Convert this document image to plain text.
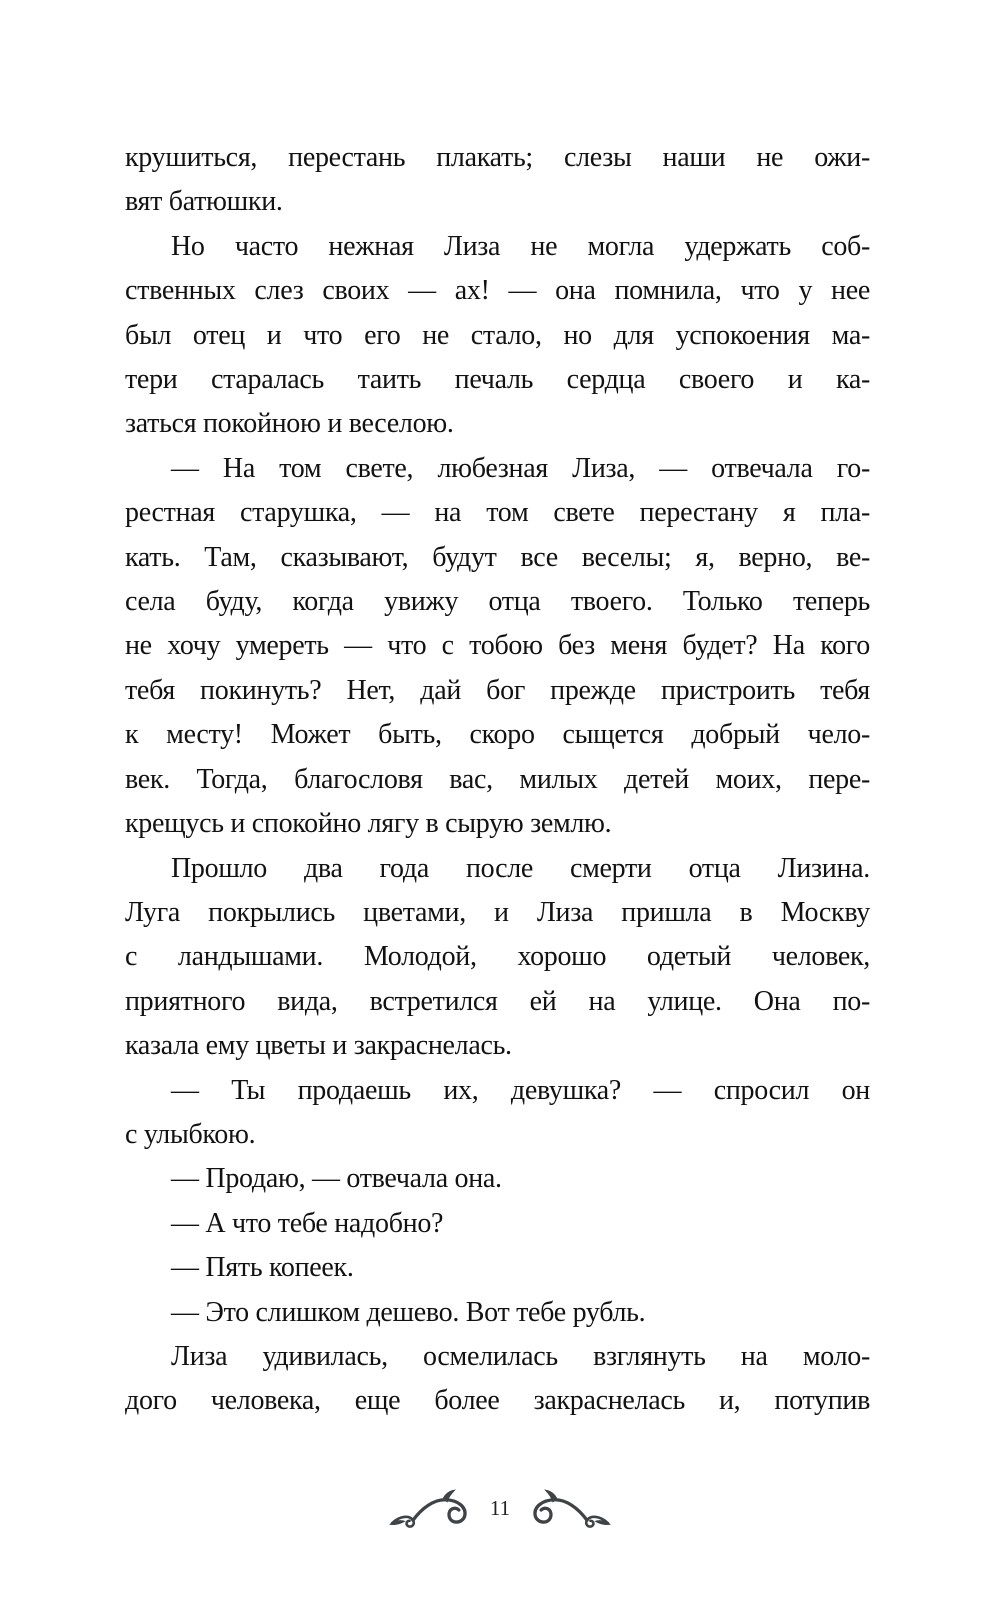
крушиться, перестань плакать; слезы наши не ожи-
вят батюшки.
Но часто нежная Лиза не могла удержать соб-
ственных слез своих — ах! — она помнила, что у нее
был отец и что его не стало, но для успокоения ма-
тери старалась таить печаль сердца своего и ка-
заться покойною и веселою.
— На том свете, любезная Лиза, — отвечала го-
рестная старушка, — на том свете перестану я пла-
кать. Там, сказывают, будут все веселы; я, верно, ве-
села буду, когда увижу отца твоего. Только теперь
не хочу умереть — что с тобою без меня будет? На кого
тебя покинуть? Нет, дай бог прежде пристроить тебя
к месту! Может быть, скоро сыщется добрый чело-
век. Тогда, благословя вас, милых детей моих, пере-
крещусь и спокойно лягу в сырую землю.
Прошло два года после смерти отца Лизина.
Луга покрылись цветами, и Лиза пришла в Москву
с ландышами. Молодой, хорошо одетый человек,
приятного вида, встретился ей на улице. Она по-
казала ему цветы и закраснелась.
— Ты продаешь их, девушка? — спросил он
с улыбкою.
— Продаю, — отвечала она.
— А что тебе надобно?
— Пять копеек.
— Это слишком дешево. Вот тебе рубль.
Лиза удивилась, осмелилась взглянуть на моло-
дого человека, еще более закраснелась и, потупив
11
